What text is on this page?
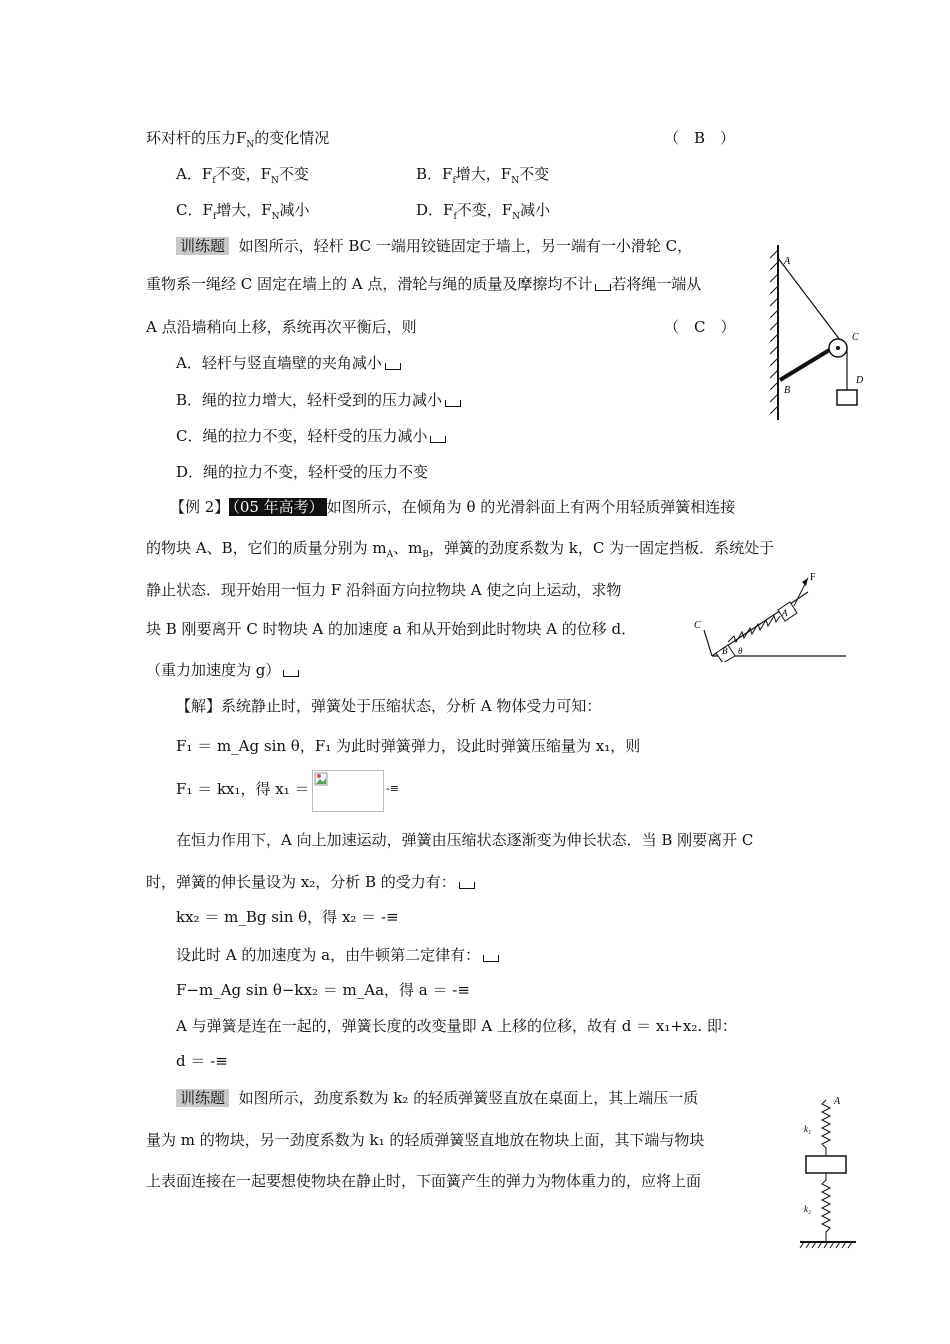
环对杆的压力$F_N$的变化情况	（　B　）
A．$F_f$不变，$F_N$不变	B．$F_f$增大，$F_N$不变
C．$F_f$增大，$F_N$减小	D．$F_f$不变，$F_N$减小
训练题 如图所示，轻杆 BC 一端用铰链固定于墙上，另一端有一小滑轮 C，
重物系一绳经 C 固定在墙上的 A 点，滑轮与绳的质量及摩擦均不计 若将绳一端从
A 点沿墙稍向上移，系统再次平衡后，则	（　C　）
A．轻杆与竖直墙壁的夹角减小
B．绳的拉力增大，轻杆受到的压力减小
C．绳的拉力不变，轻杆受的压力减小
D．绳的拉力不变，轻杆受的压力不变
A
C
B
D
【例 2】 （05 年高考） 如图所示，在倾角为 θ 的光滑斜面上有两个用轻质弹簧相连接
的物块 A、B，它们的质量分别为 $m_A$、$m_B$，弹簧的劲度系数为 k，C 为一固定挡板．系统处于
静止状态．现开始用一恒力 F 沿斜面方向拉物块 A 使之向上运动，求物
块 B 刚要离开 C 时物块 A 的加速度 a 和从开始到此时物块 A 的位移 d．
（重力加速度为 g）
F
A
B
C
θ
【解】系统静止时，弹簧处于压缩状态，分析 A 物体受力可知：
F₁ ＝ m_Ag sin θ，F₁ 为此时弹簧弹力，设此时弹簧压缩量为 x₁，则
F₁ ＝ kx₁，得 x₁ ＝	-≡
在恒力作用下，A 向上加速运动，弹簧由压缩状态逐渐变为伸长状态．当 B 刚要离开 C
时，弹簧的伸长量设为 x₂，分析 B 的受力有：
kx₂ ＝ m_Bg sin θ，得 x₂ ＝ -≡
设此时 A 的加速度为 a，由牛顿第二定律有：
F−m_Ag sin θ−kx₂ ＝ m_Aa，得 a ＝ -≡
A 与弹簧是连在一起的，弹簧长度的改变量即 A 上移的位移，故有 d ＝ x₁+x₂. 即：
d ＝ -≡
训练题 如图所示，劲度系数为 k₂ 的轻质弹簧竖直放在桌面上，其上端压一质
量为 m 的物块，另一劲度系数为 k₁ 的轻质弹簧竖直地放在物块上面，其下端与物块
上表面连接在一起要想使物块在静止时，下面簧产生的弹力为物体重力的，应将上面
A
k₁
k₂
